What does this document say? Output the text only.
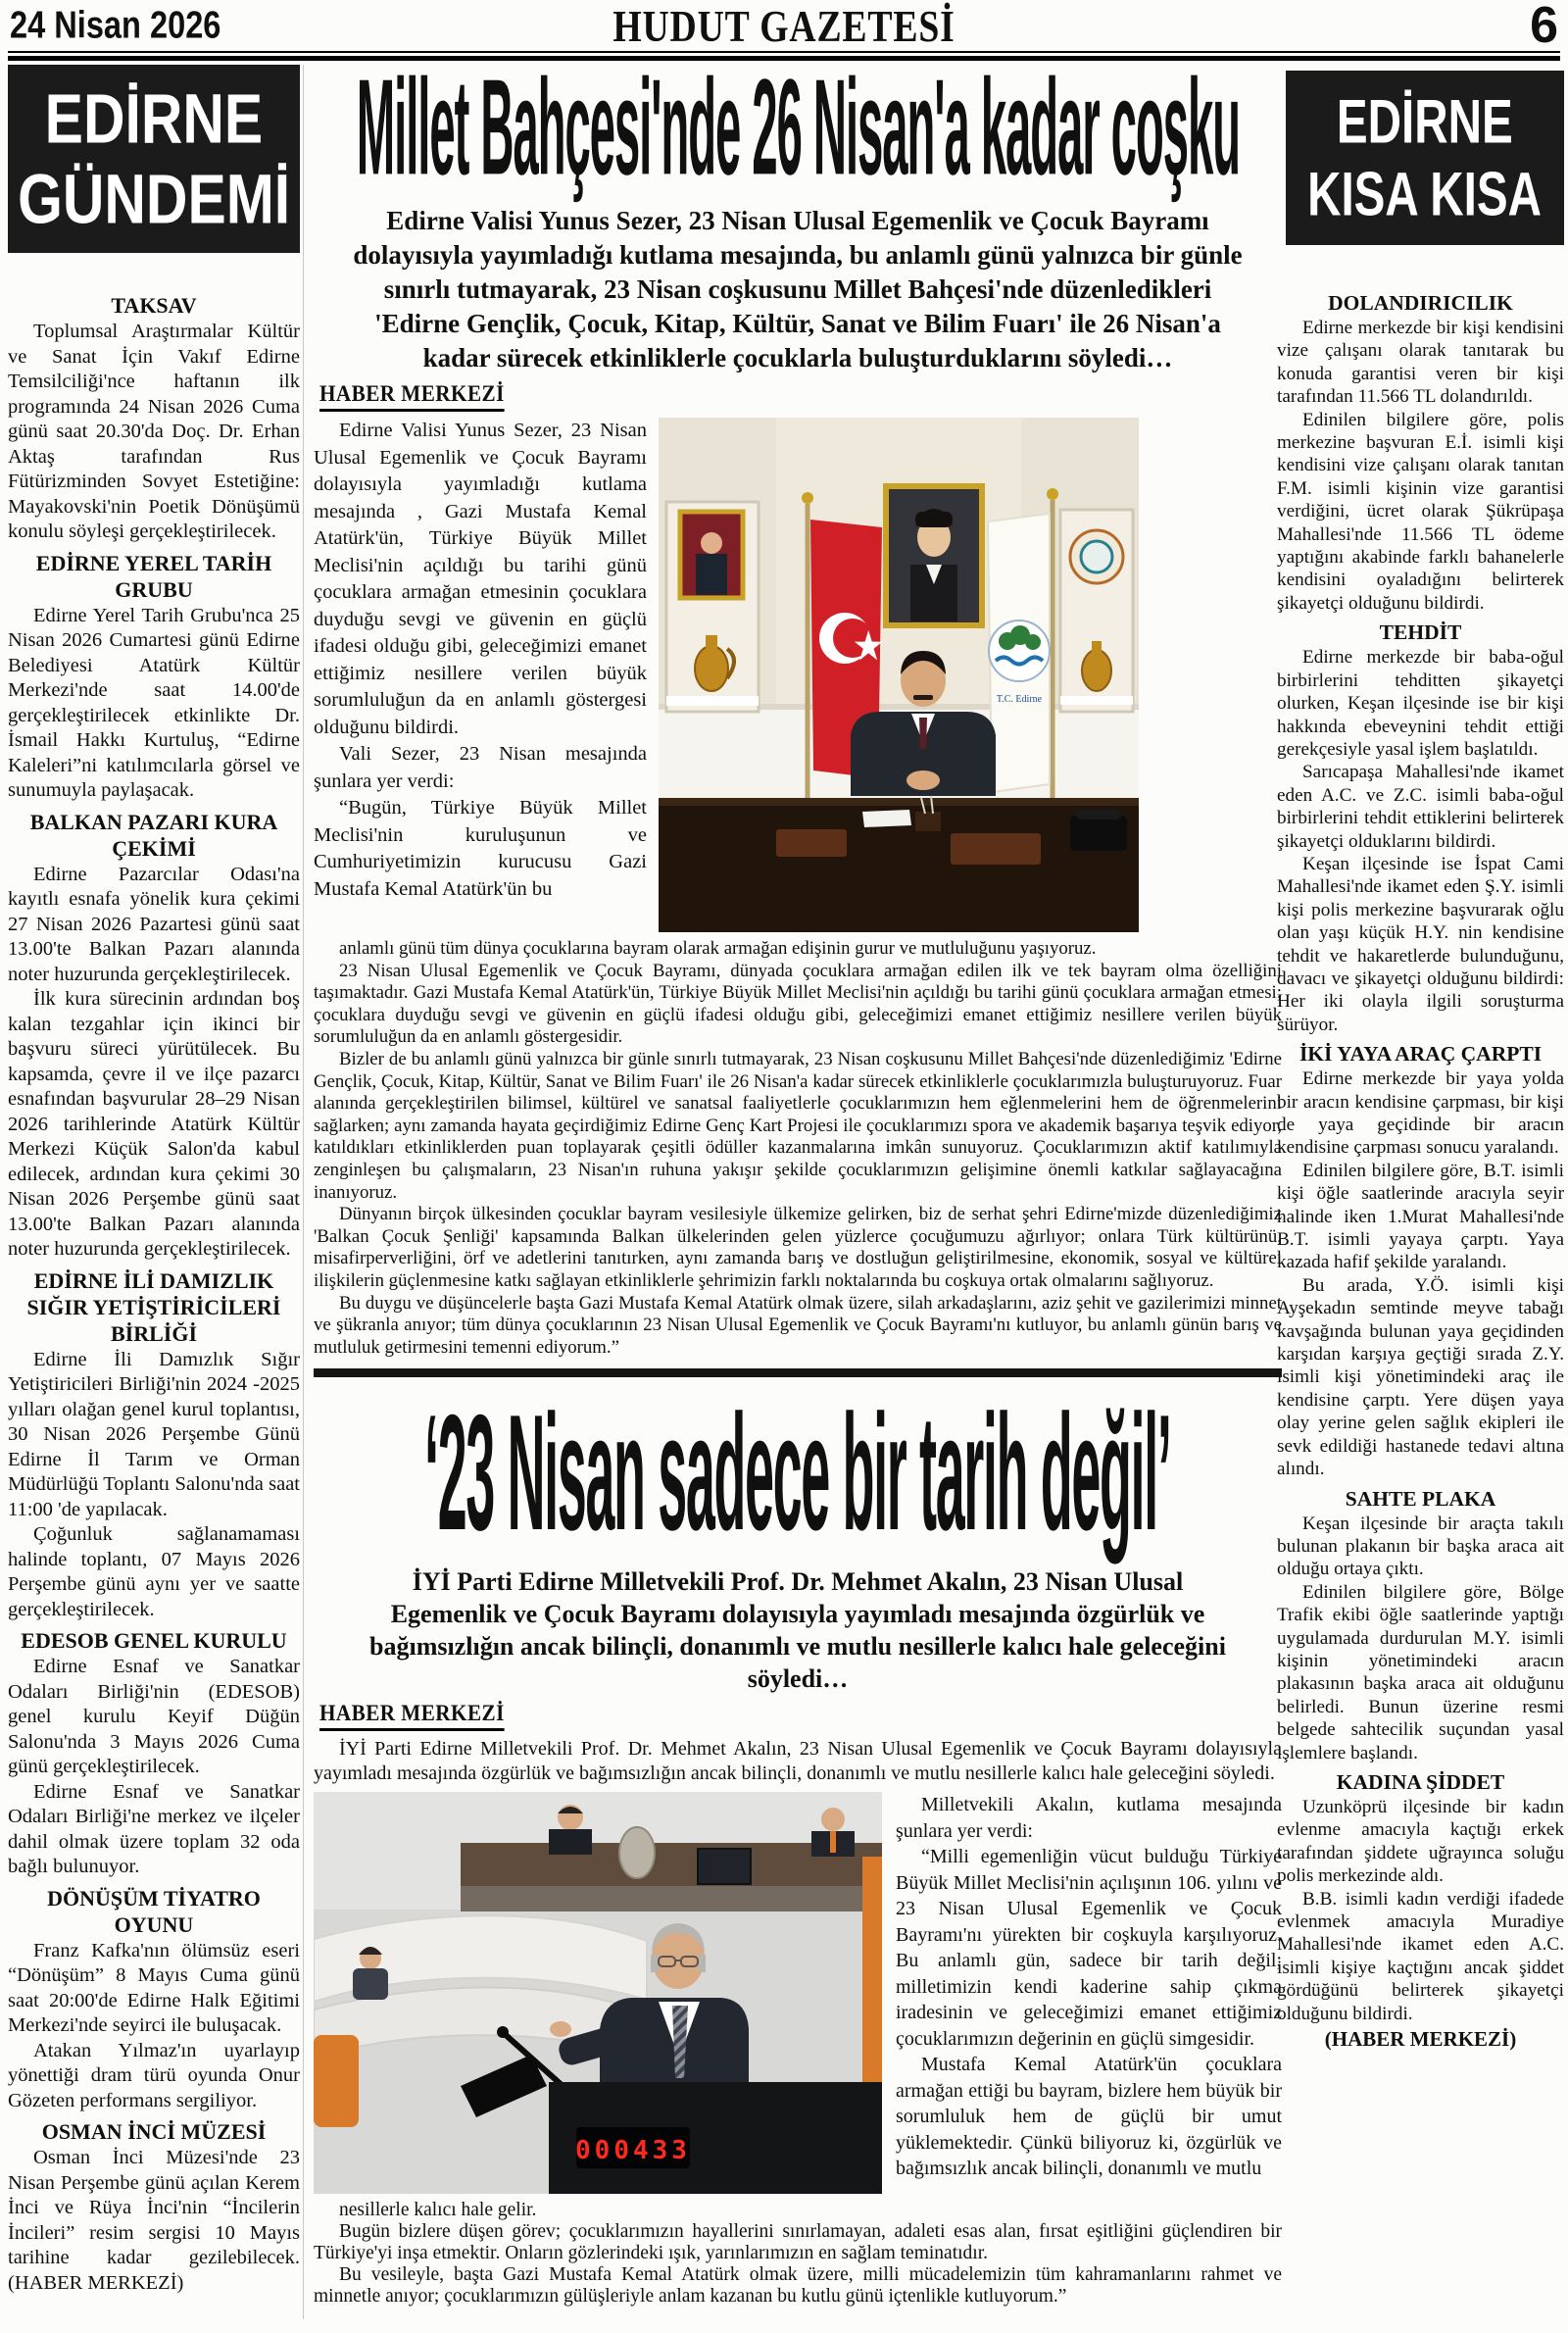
24 Nisan 2026	HUDUT GAZETESİ	6
EDİRNE
GÜNDEMİ
TAKSAV

Toplumsal Araştırmalar Kültür ve Sanat İçin Vakıf Edirne Temsilciliği'nce haftanın ilk programında 24 Nisan 2026 Cuma günü saat 20.30'da Doç. Dr. Erhan Aktaş tarafından Rus Fütürizminden Sovyet Estetiğine: Mayakovski'nin Poetik Dönüşümü konulu söyleşi gerçekleştirilecek.

EDİRNE YEREL TARİH GRUBU

Edirne Yerel Tarih Grubu'nca 25 Nisan 2026 Cumartesi günü Edirne Belediyesi Atatürk Kültür Merkezi'nde saat 14.00'de gerçekleştirilecek etkinlikte Dr. İsmail Hakkı Kurtuluş, “Edirne Kaleleri”ni katılımcılarla görsel ve sunumuyla paylaşacak.

BALKAN PAZARI KURA ÇEKİMİ

Edirne Pazarcılar Odası'na kayıtlı esnafa yönelik kura çekimi 27 Nisan 2026 Pazartesi günü saat 13.00'te Balkan Pazarı alanında noter huzurunda gerçekleştirilecek.

İlk kura sürecinin ardından boş kalan tezgahlar için ikinci bir başvuru süreci yürütülecek. Bu kapsamda, çevre il ve ilçe pazarcı esnafından başvurular 28–29 Nisan 2026 tarihlerinde Atatürk Kültür Merkezi Küçük Salon'da kabul edilecek, ardından kura çekimi 30 Nisan 2026 Perşembe günü saat 13.00'te Balkan Pazarı alanında noter huzurunda gerçekleştirilecek.

EDİRNE İLİ DAMIZLIK SIĞIR YETİŞTİRİCİLERİ BİRLİĞİ

Edirne İli Damızlık Sığır Yetiştiricileri Birliği'nin 2024 -2025 yılları olağan genel kurul toplantısı, 30 Nisan 2026 Perşembe Günü Edirne İl Tarım ve Orman Müdürlüğü Toplantı Salonu'nda saat 11:00 'de yapılacak.

Çoğunluk sağlanamaması halinde toplantı, 07 Mayıs 2026 Perşembe günü aynı yer ve saatte gerçekleştirilecek.

EDESOB GENEL KURULU

Edirne Esnaf ve Sanatkar Odaları Birliği'nin (EDESOB) genel kurulu Keyif Düğün Salonu'nda 3 Mayıs 2026 Cuma günü gerçekleştirilecek.

Edirne Esnaf ve Sanatkar Odaları Birliği'ne merkez ve ilçeler dahil olmak üzere toplam 32 oda bağlı bulunuyor.

DÖNÜŞÜM TİYATRO OYUNU

Franz Kafka'nın ölümsüz eseri “Dönüşüm” 8 Mayıs Cuma günü saat 20:00'de Edirne Halk Eğitimi Merkezi'nde seyirci ile buluşacak.

Atakan Yılmaz'ın uyarlayıp yönettiği dram türü oyunda Onur Gözeten performans sergiliyor.

OSMAN İNCİ MÜZESİ

Osman İnci Müzesi'nde 23 Nisan Perşembe günü açılan Kerem İnci ve Rüya İnci'nin “İncilerin İncileri” resim sergisi 10 Mayıs tarihine kadar gezilebilecek.(HABER MERKEZİ)

Millet Bahçesi'nde 26 Nisan'a kadar coşku

Edirne Valisi Yunus Sezer, 23 Nisan Ulusal Egemenlik ve Çocuk Bayramı dolayısıyla yayımladığı kutlama mesajında, bu anlamlı günü yalnızca bir günle sınırlı tutmayarak, 23 Nisan coşkusunu Millet Bahçesi'nde düzenledikleri 'Edirne Gençlik, Çocuk, Kitap, Kültür, Sanat ve Bilim Fuarı' ile 26 Nisan'a kadar sürecek etkinliklerle çocuklarla buluşturduklarını söyledi…

HABER MERKEZİ

Edirne Valisi Yunus Sezer, 23 Nisan Ulusal Egemenlik ve Çocuk Bayramı dolayısıyla yayımladığı kutlama mesajında , Gazi Mustafa Kemal Atatürk'ün, Türkiye Büyük Millet Meclisi'nin açıldığı bu tarihi günü çocuklara armağan etmesinin çocuklara duyduğu sevgi ve güvenin en güçlü ifadesi olduğu gibi, geleceğimizi emanet ettiğimiz nesillere verilen büyük sorumluluğun da en anlamlı göstergesi olduğunu bildirdi.

Vali Sezer, 23 Nisan mesajında şunlara yer verdi:

“Bugün, Türkiye Büyük Millet Meclisi'nin kuruluşunun ve Cumhuriyetimizin kurucusu Gazi Mustafa Kemal Atatürk'ün bu

T.C. Edirne

anlamlı günü tüm dünya çocuklarına bayram olarak armağan edişinin gurur ve mutluluğunu yaşıyoruz.

23 Nisan Ulusal Egemenlik ve Çocuk Bayramı, dünyada çocuklara armağan edilen ilk ve tek bayram olma özelliğini taşımaktadır. Gazi Mustafa Kemal Atatürk'ün, Türkiye Büyük Millet Meclisi'nin açıldığı bu tarihi günü çocuklara armağan etmesi; çocuklara duyduğu sevgi ve güvenin en güçlü ifadesi olduğu gibi, geleceğimizi emanet ettiğimiz nesillere verilen büyük sorumluluğun da en anlamlı göstergesidir.

Bizler de bu anlamlı günü yalnızca bir günle sınırlı tutmayarak, 23 Nisan coşkusunu Millet Bahçesi'nde düzenlediğimiz 'Edirne Gençlik, Çocuk, Kitap, Kültür, Sanat ve Bilim Fuarı' ile 26 Nisan'a kadar sürecek etkinliklerle çocuklarımızla buluşturuyoruz. Fuar alanında gerçekleştirilen bilimsel, kültürel ve sanatsal faaliyetlerle çocuklarımızın hem eğlenmelerini hem de öğrenmelerini sağlarken; aynı zamanda hayata geçirdiğimiz Edirne Genç Kart Projesi ile çocuklarımızı spora ve akademik başarıya teşvik ediyor, katıldıkları etkinliklerden puan toplayarak çeşitli ödüller kazanmalarına imkân sunuyoruz. Çocuklarımızın aktif katılımıyla zenginleşen bu çalışmaların, 23 Nisan'ın ruhuna yakışır şekilde çocuklarımızın gelişimine önemli katkılar sağlayacağına inanıyoruz.

Dünyanın birçok ülkesinden çocuklar bayram vesilesiyle ülkemize gelirken, biz de serhat şehri Edirne'mizde düzenlediğimiz 'Balkan Çocuk Şenliği' kapsamında Balkan ülkelerinden gelen yüzlerce çocuğumuzu ağırlıyor; onlara Türk kültürünü, misafirperverliğini, örf ve adetlerini tanıtırken, aynı zamanda barış ve dostluğun geliştirilmesine, ekonomik, sosyal ve kültürel ilişkilerin güçlenmesine katkı sağlayan etkinliklerle şehrimizin farklı noktalarında bu coşkuya ortak olmalarını sağlıyoruz.

Bu duygu ve düşüncelerle başta Gazi Mustafa Kemal Atatürk olmak üzere, silah arkadaşlarını, aziz şehit ve gazilerimizi minnet ve şükranla anıyor; tüm dünya çocuklarının 23 Nisan Ulusal Egemenlik ve Çocuk Bayramı'nı kutluyor, bu anlamlı günün barış ve mutluluk getirmesini temenni ediyorum.”

‘23 Nisan sadece bir tarih değil’

İYİ Parti Edirne Milletvekili Prof. Dr. Mehmet Akalın, 23 Nisan Ulusal Egemenlik ve Çocuk Bayramı dolayısıyla yayımladı mesajında özgürlük ve bağımsızlığın ancak bilinçli, donanımlı ve mutlu nesillerle kalıcı hale geleceğini söyledi…

HABER MERKEZİ

İYİ Parti Edirne Milletvekili Prof. Dr. Mehmet Akalın, 23 Nisan Ulusal Egemenlik ve Çocuk Bayramı dolayısıyla yayımladı mesajında özgürlük ve bağımsızlığın ancak bilinçli, donanımlı ve mutlu nesillerle kalıcı hale geleceğini söyledi.

000433

Milletvekili Akalın, kutlama mesajında şunlara yer verdi:

“Milli egemenliğin vücut bulduğu Türkiye Büyük Millet Meclisi'nin açılışının 106. yılını ve 23 Nisan Ulusal Egemenlik ve Çocuk Bayramı'nı yürekten bir coşkuyla karşılıyoruz. Bu anlamlı gün, sadece bir tarih değil; milletimizin kendi kaderine sahip çıkma iradesinin ve geleceğimizi emanet ettiğimiz çocuklarımızın değerinin en güçlü simgesidir.

Mustafa Kemal Atatürk'ün çocuklara armağan ettiği bu bayram, bizlere hem büyük bir sorumluluk hem de güçlü bir umut yüklemektedir. Çünkü biliyoruz ki, özgürlük ve bağımsızlık ancak bilinçli, donanımlı ve mutlu

nesillerle kalıcı hale gelir.

Bugün bizlere düşen görev; çocuklarımızın hayallerini sınırlamayan, adaleti esas alan, fırsat eşitliğini güçlendiren bir Türkiye'yi inşa etmektir. Onların gözlerindeki ışık, yarınlarımızın en sağlam teminatıdır.

Bu vesileyle, başta Gazi Mustafa Kemal Atatürk olmak üzere, milli mücadelemizin tüm kahramanlarını rahmet ve minnetle anıyor; çocuklarımızın gülüşleriyle anlam kazanan bu kutlu günü içtenlikle kutluyorum.”

EDİRNE
KISA KISA
DOLANDIRICILIK

Edirne merkezde bir kişi kendisini vize çalışanı olarak tanıtarak bu konuda garantisi veren bir kişi tarafından 11.566 TL dolandırıldı.

Edinilen bilgilere göre, polis merkezine başvuran E.İ. isimli kişi kendisini vize çalışanı olarak tanıtan F.M. isimli kişinin vize garantisi verdiğini, ücret olarak Şükrüpaşa Mahallesi'nde 11.566 TL ödeme yaptığını akabinde farklı bahanelerle kendisini oyaladığını belirterek şikayetçi olduğunu bildirdi.

TEHDİT

Edirne merkezde bir baba-oğul birbirlerini tehditten şikayetçi olurken, Keşan ilçesinde ise bir kişi hakkında ebeveynini tehdit ettiği gerekçesiyle yasal işlem başlatıldı.

Sarıcapaşa Mahallesi'nde ikamet eden A.C. ve Z.C. isimli baba-oğul birbirlerini tehdit ettiklerini belirterek şikayetçi olduklarını bildirdi.

Keşan ilçesinde ise İspat Cami Mahallesi'nde ikamet eden Ş.Y. isimli kişi polis merkezine başvurarak oğlu olan yaşı küçük H.Y. nin kendisine tehdit ve hakaretlerde bulunduğunu, davacı ve şikayetçi olduğunu bildirdi: Her iki olayla ilgili soruşturma sürüyor.

İKİ YAYA ARAÇ ÇARPTI

Edirne merkezde bir yaya yolda bir aracın kendisine çarpması, bir kişi de yaya geçidinde bir aracın kendisine çarpması sonucu yaralandı.

Edinilen bilgilere göre, B.T. isimli kişi öğle saatlerinde aracıyla seyir halinde iken 1.Murat Mahallesi'nde B.T. isimli yayaya çarptı. Yaya kazada hafif şekilde yaralandı.

Bu arada, Y.Ö. isimli kişi Ayşekadın semtinde meyve tabağı kavşağında bulunan yaya geçidinden karşıdan karşıya geçtiği sırada Z.Y. isimli kişi yönetimindeki araç ile kendisine çarptı. Yere düşen yaya olay yerine gelen sağlık ekipleri ile sevk edildiği hastanede tedavi altına alındı.

SAHTE PLAKA

Keşan ilçesinde bir araçta takılı bulunan plakanın bir başka araca ait olduğu ortaya çıktı.

Edinilen bilgilere göre, Bölge Trafik ekibi öğle saatlerinde yaptığı uygulamada durdurulan M.Y. isimli kişinin yönetimindeki aracın plakasının başka araca ait olduğunu belirledi. Bunun üzerine resmi belgede sahtecilik suçundan yasal işlemlere başlandı.

KADINA ŞİDDET

Uzunköprü ilçesinde bir kadın evlenme amacıyla kaçtığı erkek tarafından şiddete uğrayınca soluğu polis merkezinde aldı.

B.B. isimli kadın verdiği ifadede evlenmek amacıyla Muradiye Mahallesi'nde ikamet eden A.C. isimli kişiye kaçtığını ancak şiddet gördüğünü belirterek şikayetçi olduğunu bildirdi.

(HABER MERKEZİ)
